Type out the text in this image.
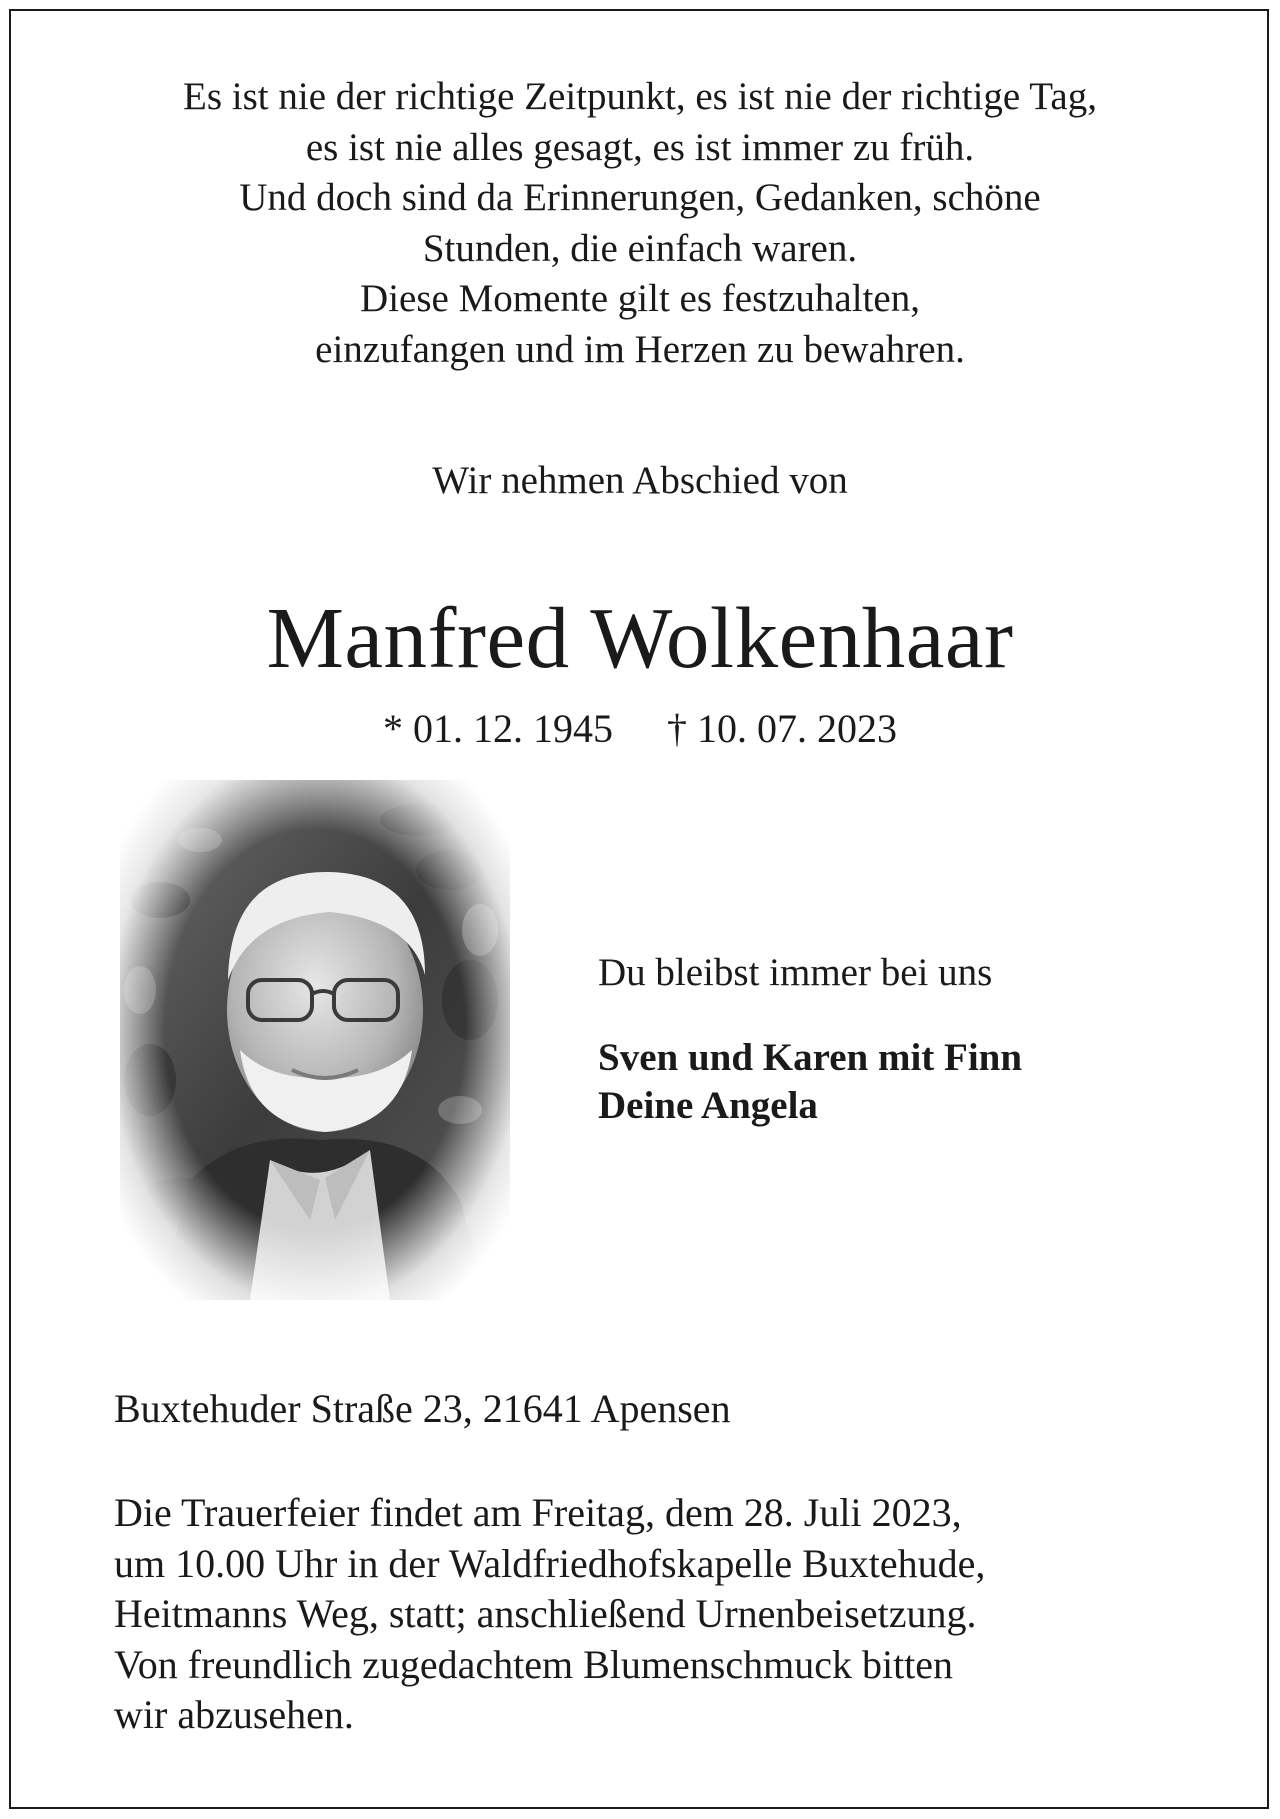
Es ist nie der richtige Zeitpunkt, es ist nie der richtige Tag,
es ist nie alles gesagt, es ist immer zu früh.
Und doch sind da Erinnerungen, Gedanken, schöne
Stunden, die einfach waren.
Diese Momente gilt es festzuhalten,
einzufangen und im Herzen zu bewahren.
Wir nehmen Abschied von
Manfred Wolkenhaar
* 01. 12. 1945 † 10. 07. 2023
Du bleibst immer bei uns
Sven und Karen mit Finn
Deine Angela
Buxtehuder Straße 23, 21641 Apensen
Die Trauerfeier findet am Freitag, dem 28. Juli 2023,
um 10.00 Uhr in der Waldfriedhofskapelle Buxtehude,
Heitmanns Weg, statt; anschließend Urnenbeisetzung.
Von freundlich zugedachtem Blumenschmuck bitten
wir abzusehen.
